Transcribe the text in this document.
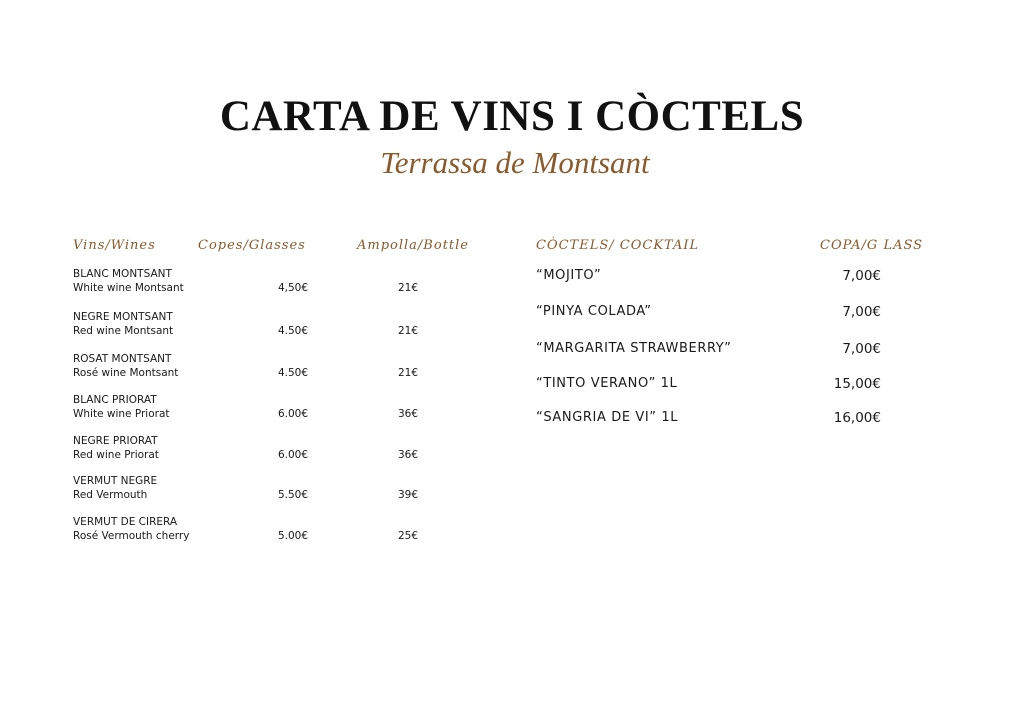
CARTA DE VINS I CÒCTELS
Terrassa de Montsant
Vins/Wines	Copes/Glasses	Ampolla/Bottle
BLANC MONTSANT
White wine Montsant	4,50€	21€
NEGRE MONTSANT
Red wine Montsant	4.50€	21€
ROSAT MONTSANT
Rosé wine Montsant	4.50€	21€
BLANC PRIORAT
White wine Priorat	6.00€	36€
NEGRE PRIORAT
Red wine Priorat	6.00€	36€
VERMUT NEGRE
Red Vermouth	5.50€	39€
VERMUT DE CIRERA
Rosé Vermouth cherry	5.00€	25€
CÒCTELS/ COCKTAIL	COPA/G LASS
“MOJITO”	7,00€
“PINYA COLADA”	7,00€
“MARGARITA STRAWBERRY”	7,00€
“TINTO VERANO” 1L	15,00€
“SANGRIA DE VI” 1L	16,00€
